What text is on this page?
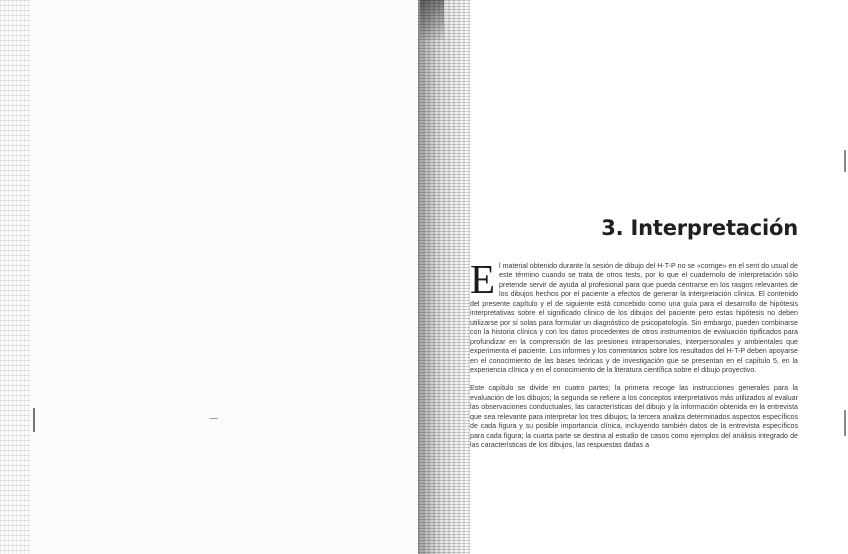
3. Interpretación

El material obtenido durante la sesión de dibujo del H-T-P no se «corrige» en el sent do usual de este término cuando se trata de otros tests, por lo que el cuadernolo de interpretación sólo pretende servir de ayuda al profesional para que pueda centrarse en los rasgos relevantes de los dibujos hechos por el paciente a efectos de generar la interpretación clínica. El contenido del presente capítulo y el de siguiente está concebido como una guía para el desarrollo de hipótesis interpretativas sobre el significado clínico de los dibujos del paciente pero estas hipótesis no deben utilizarse por sí solas para formular un diagnóstico de psicopatología. Sin embargo, pueden combinarse con la historia clínica y con los datos procedentes de otros instrumentos de evaluación tipificados para profundizar en la comprensión de las presiones intrapersonales, interpersonales y ambientales que experimenta el paciente. Los informes y los comentarios sobre los resultados del H-T-P deben apoyarse en el conocimiento de las bases teóricas y de investigación que se presentan en el capítulo 5, en la experiencia clínica y en el conocimiento de la literatura científica sobre el dibujo proyectivo.

Este capítulo se divide en cuatro partes; la primera recoge las instrucciones generales para la evaluación de los dibujos; la segunda se refiere a los conceptos interpretativos más utilizados al evaluar las observaciones conductuales, las características del dibujo y la información obtenida en la entrevista que sea relevante para interpretar los tres dibujos; la tercera analiza determinados aspectos específicos de cada figura y su posible importancia clínica, incluyendo también datos de la entrevista específicos para cada figura; la cuarta parte se destina al estudio de casos como ejemplos del análisis integrado de las características de los dibujos, las respuestas dadas a
